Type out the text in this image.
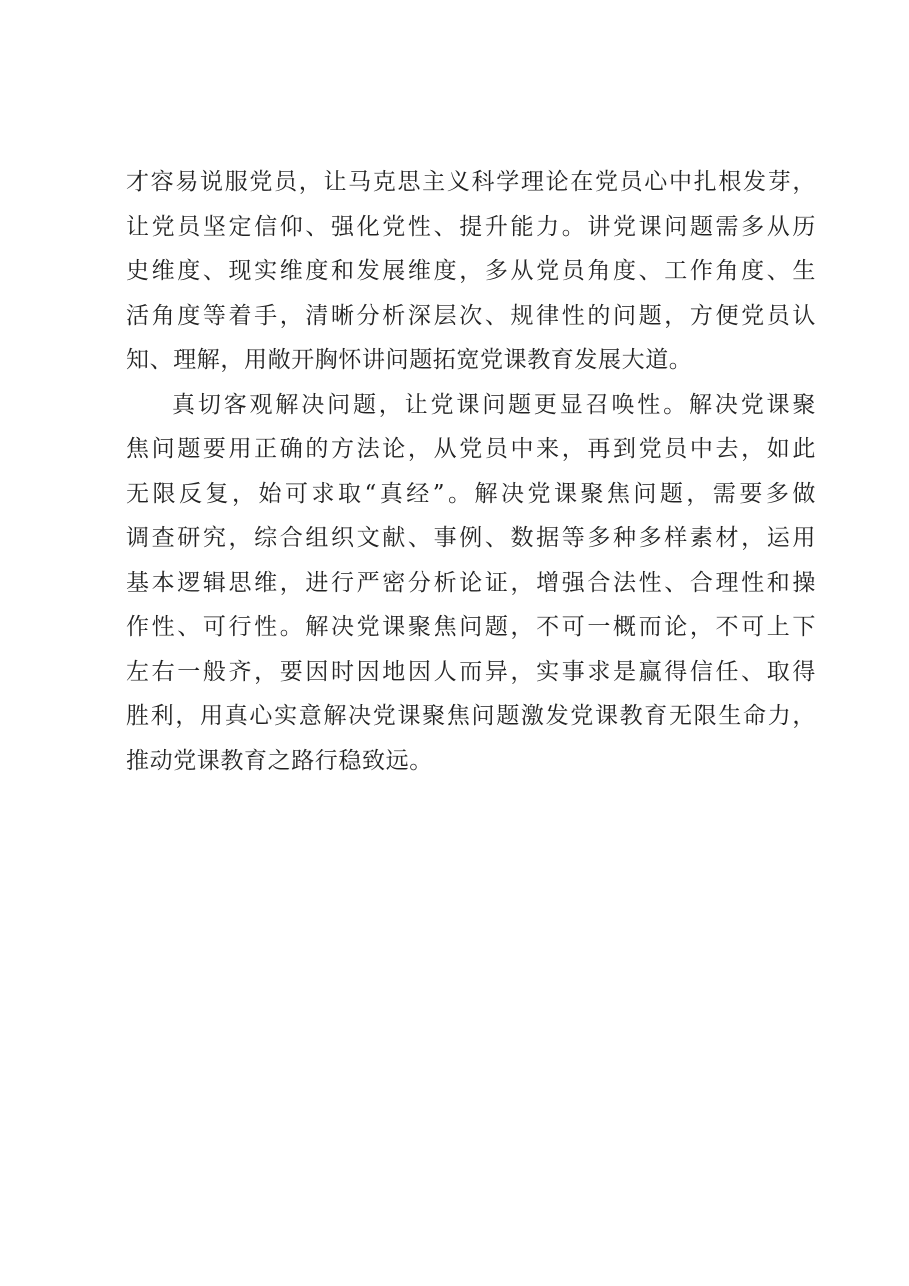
才容易说服党员，让马克思主义科学理论在党员心中扎根发芽，
让党员坚定信仰、强化党性、提升能力。讲党课问题需多从历
史维度、现实维度和发展维度，多从党员角度、工作角度、生
活角度等着手，清晰分析深层次、规律性的问题，方便党员认
知、理解，用敞开胸怀讲问题拓宽党课教育发展大道。
真切客观解决问题，让党课问题更显召唤性。解决党课聚
焦问题要用正确的方法论，从党员中来，再到党员中去，如此
无限反复，始可求取“真经”。解决党课聚焦问题，需要多做
调查研究，综合组织文献、事例、数据等多种多样素材，运用
基本逻辑思维，进行严密分析论证，增强合法性、合理性和操
作性、可行性。解决党课聚焦问题，不可一概而论，不可上下
左右一般齐，要因时因地因人而异，实事求是赢得信任、取得
胜利，用真心实意解决党课聚焦问题激发党课教育无限生命力，
推动党课教育之路行稳致远。
